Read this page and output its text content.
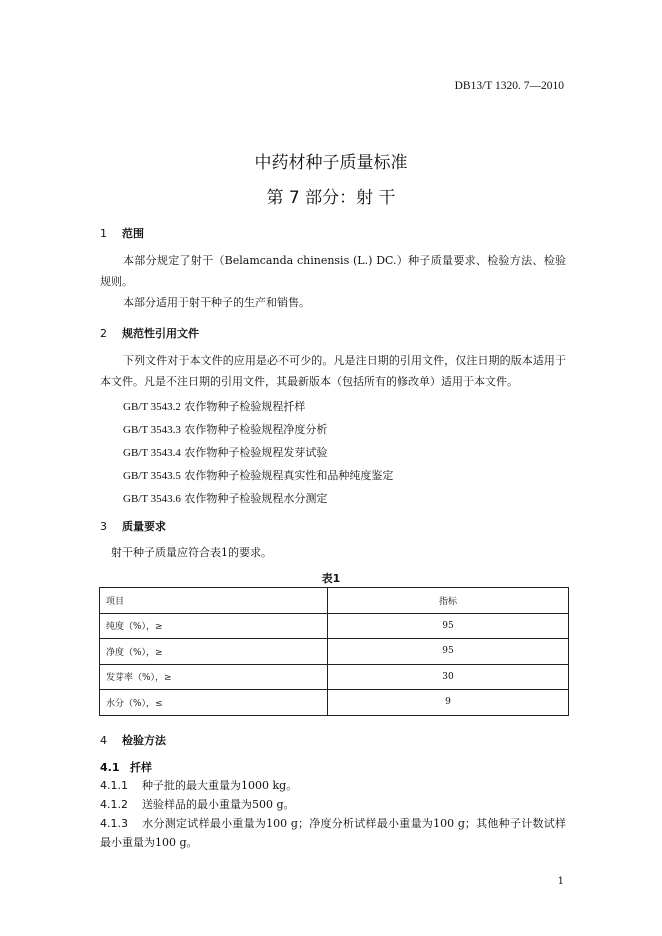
DB13/T 1320. 7—2010
中药材种子质量标准
第 7 部分：射 干
1 范围
本部分规定了射干（Belamcanda chinensis (L.) DC.）种子质量要求、检验方法、检验规则。
本部分适用于射干种子的生产和销售。
2 规范性引用文件
下列文件对于本文件的应用是必不可少的。凡是注日期的引用文件，仅注日期的版本适用于本文件。凡是不注日期的引用文件，其最新版本（包括所有的修改单）适用于本文件。
GB/T 3543.2 农作物种子检验规程扦样
GB/T 3543.3 农作物种子检验规程净度分析
GB/T 3543.4 农作物种子检验规程发芽试验
GB/T 3543.5 农作物种子检验规程真实性和品种纯度鉴定
GB/T 3543.6 农作物种子检验规程水分测定
3 质量要求
射干种子质量应符合表1的要求。
表1
项目	指标
纯度（%），≥	95
净度（%），≥	95
发芽率（%），≥	30
水分（%），≤	9
4 检验方法
4.1 扦样
4.1.1 种子批的最大重量为1000 kg。
4.1.2 送验样品的最小重量为500 g。
4.1.3 水分测定试样最小重量为100 g；净度分析试样最小重量为100 g；其他种子计数试样最小重量为100 g。
1
